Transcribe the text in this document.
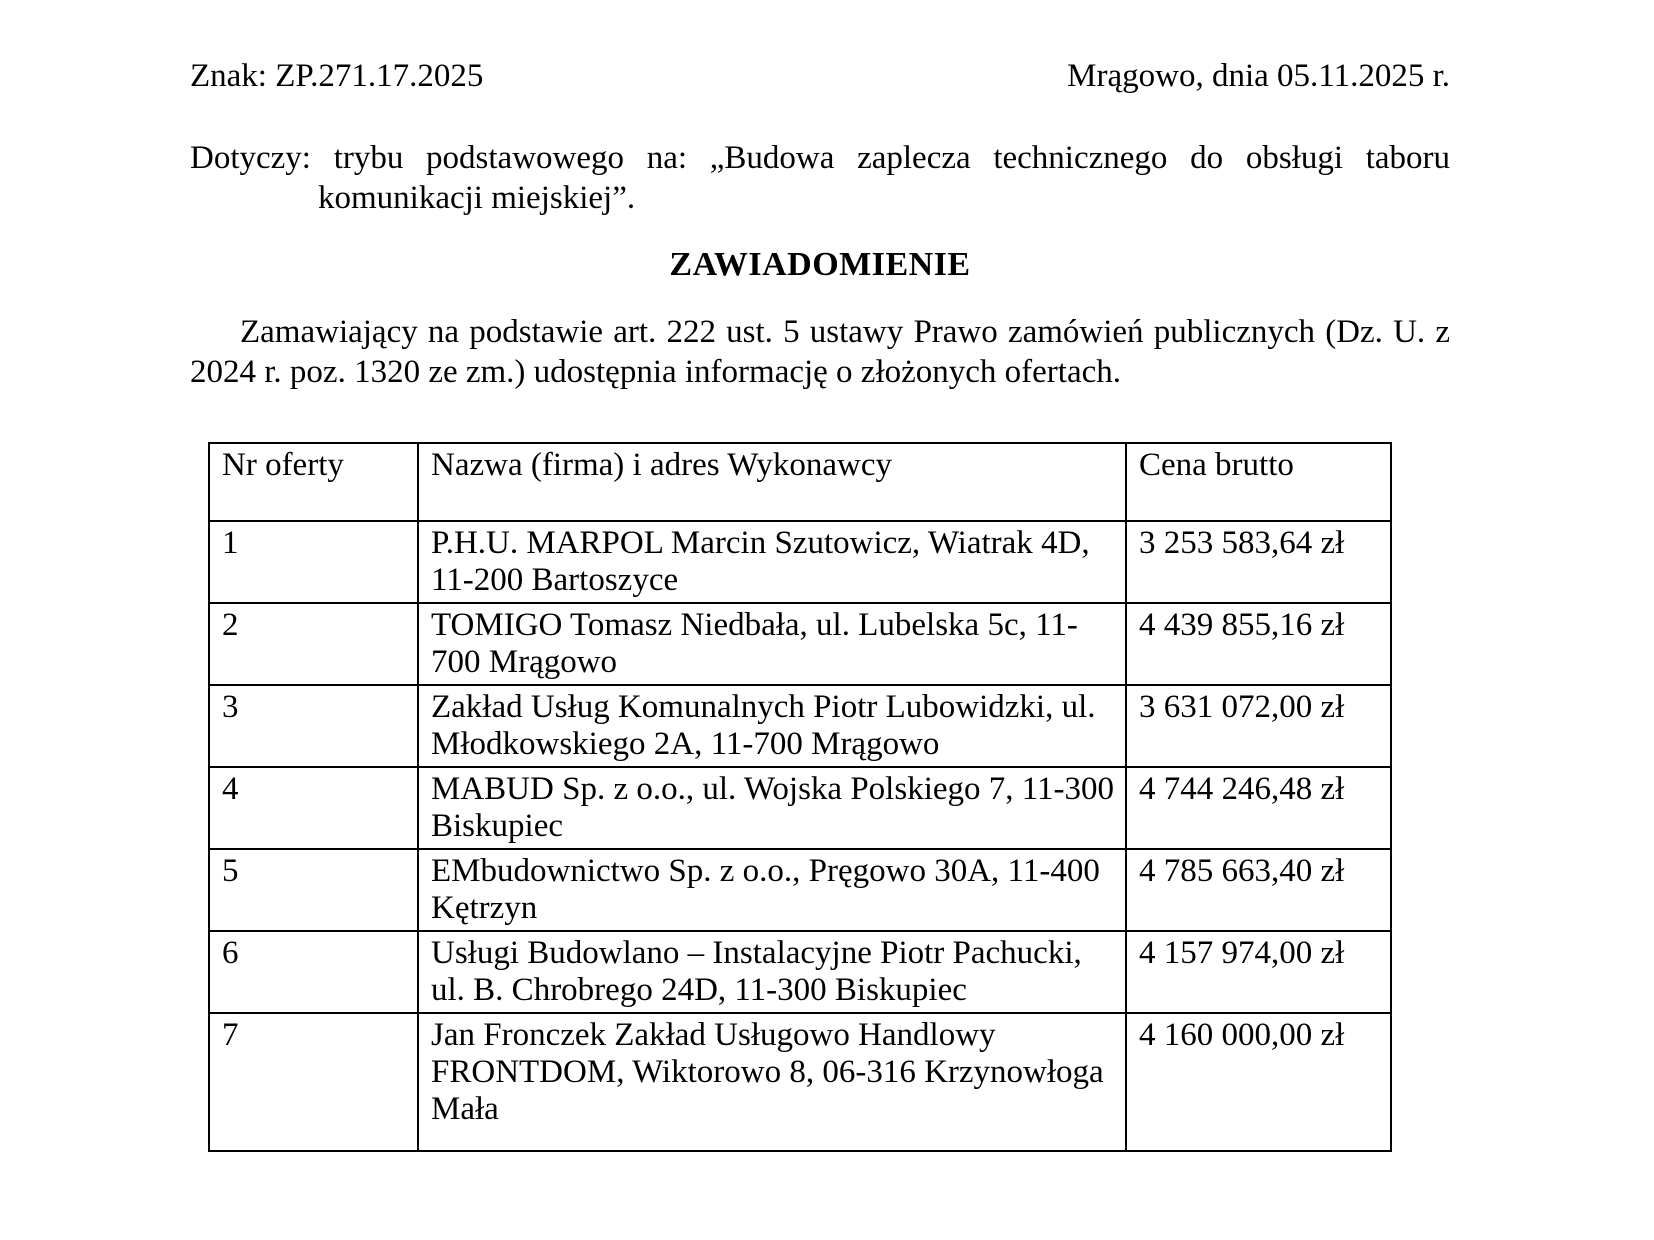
Znak: ZP.271.17.2025	Mrągowo, dnia 05.11.2025 r.

Dotyczy: trybu podstawowego na: „Budowa zaplecza technicznego do obsługi taboru komunikacji miejskiej”.

ZAWIADOMIENIE

Zamawiający na podstawie art. 222 ust. 5 ustawy Prawo zamówień publicznych (Dz. U. z 2024 r. poz. 1320 ze zm.) udostępnia informację o złożonych ofertach.

Nr oferty	Nazwa (firma) i adres Wykonawcy	Cena brutto
1	P.H.U. MARPOL Marcin Szutowicz, Wiatrak 4D, 11-200 Bartoszyce	3 253 583,64 zł
2	TOMIGO Tomasz Niedbała, ul. Lubelska 5c, 11-700 Mrągowo	4 439 855,16 zł
3	Zakład Usług Komunalnych Piotr Lubowidzki, ul. Młodkowskiego 2A, 11-700 Mrągowo	3 631 072,00 zł
4	MABUD Sp. z o.o., ul. Wojska Polskiego 7, 11-300 Biskupiec	4 744 246,48 zł
5	EMbudownictwo Sp. z o.o., Pręgowo 30A, 11-400 Kętrzyn	4 785 663,40 zł
6	Usługi Budowlano – Instalacyjne Piotr Pachucki, ul. B. Chrobrego 24D, 11-300 Biskupiec	4 157 974,00 zł
7	Jan Fronczek Zakład Usługowo Handlowy FRONTDOM, Wiktorowo 8, 06-316 Krzynowłoga Mała	4 160 000,00 zł
